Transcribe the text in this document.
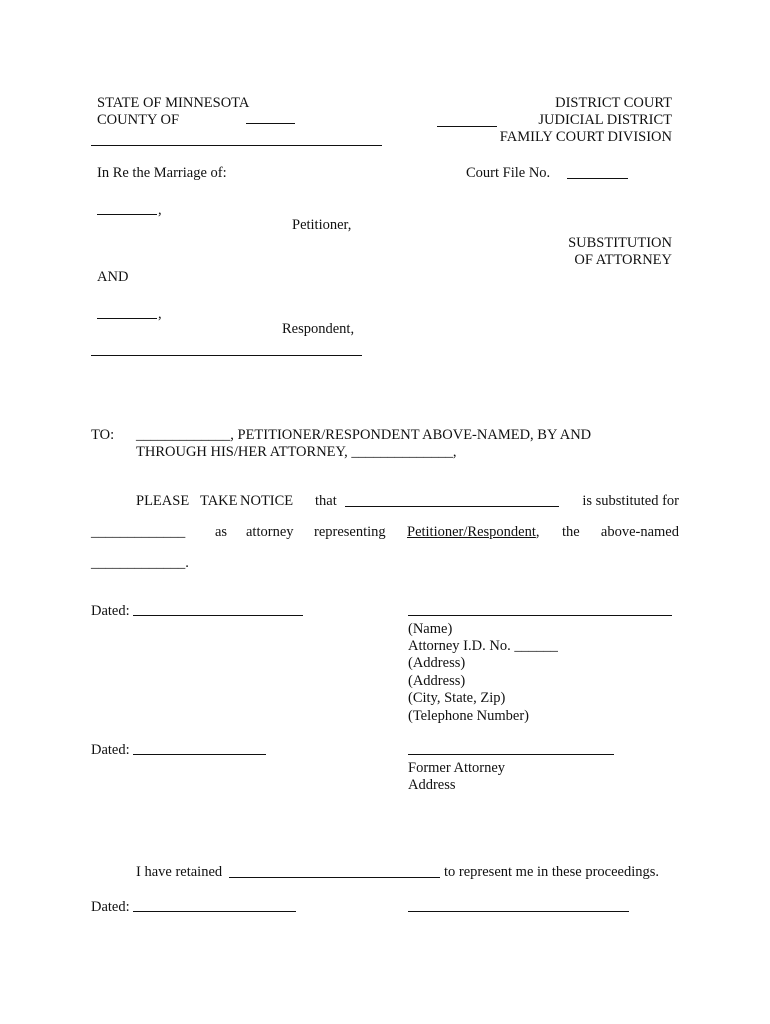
STATE OF MINNESOTA
COUNTY OF
DISTRICT COURT
JUDICIAL DISTRICT
FAMILY COURT DIVISION
In Re the Marriage of:	Court File No.
,
Petitioner,
SUBSTITUTION
OF ATTORNEY
AND
,
Respondent,
TO: _____________, PETITIONER/RESPONDENT ABOVE-NAMED, BY AND
THROUGH HIS/HER ATTORNEY, ______________,
PLEASE TAKE NOTICE that	is substituted for
_____________ as attorney representing Petitioner/Respondent, the above-named
_____________.
Dated:
(Name)
Attorney I.D. No. ______
(Address)
(Address)
(City, State, Zip)
(Telephone Number)
Dated:
Former Attorney
Address
I have retained	to represent me in these proceedings.
Dated:
